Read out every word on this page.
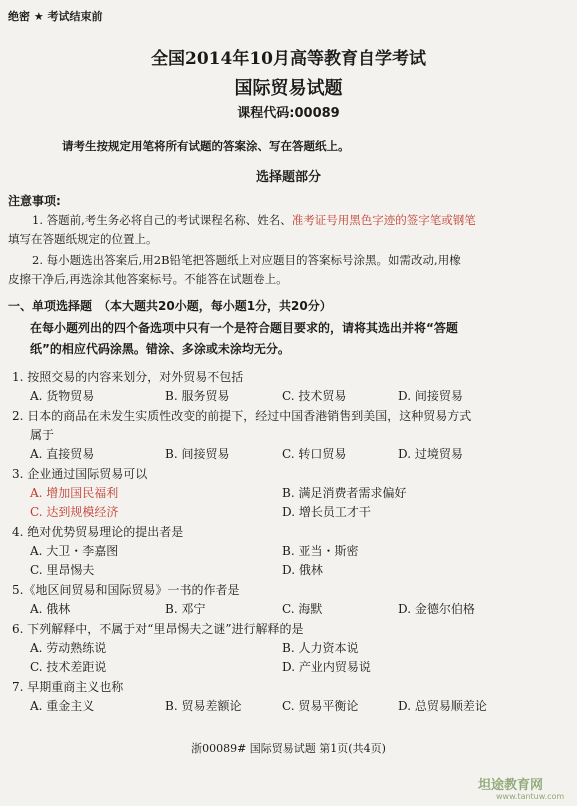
绝密 ★ 考试结束前
全国2014年10月高等教育自学考试
国际贸易试题
课程代码:00089
请考生按规定用笔将所有试题的答案涂、写在答题纸上。
选择题部分
注意事项:
1. 答题前,考生务必将自己的考试课程名称、姓名、准考证号用黑色字迹的签字笔或钢笔
填写在答题纸规定的位置上。
2. 每小题选出答案后,用2B铅笔把答题纸上对应题目的答案标号涂黑。如需改动,用橡
皮擦干净后,再选涂其他答案标号。不能答在试题卷上。
一、单项选择题　（本大题共20小题，每小题1分，共20分）
在每小题列出的四个备选项中只有一个是符合题目要求的，请将其选出并将“答题
纸”的相应代码涂黑。错涂、多涂或未涂均无分。
1. 按照交易的内容来划分，对外贸易不包括
A. 货物贸易	B. 服务贸易	C. 技术贸易	D. 间接贸易
2. 日本的商品在未发生实质性改变的前提下，经过中国香港销售到美国，这种贸易方式
属于
A. 直接贸易	B. 间接贸易	C. 转口贸易	D. 过境贸易
3. 企业通过国际贸易可以
A. 增加国民福利	B. 满足消费者需求偏好
C. 达到规模经济	D. 增长员工才干
4. 绝对优势贸易理论的提出者是
A. 大卫・李嘉图	B. 亚当・斯密
C. 里昂惕夫	D. 俄林
5.《地区间贸易和国际贸易》一书的作者是
A. 俄林	B. 邓宁	C. 海默	D. 金德尔伯格
6. 下列解释中，不属于对“里昂惕夫之谜”进行解释的是
A. 劳动熟练说	B. 人力资本说
C. 技术差距说	D. 产业内贸易说
7. 早期重商主义也称
浙00089# 国际贸易试题 第1页(共4页)
A. 重金主义	B. 贸易差额论	C. 贸易平衡论	D. 总贸易顺差论
坦途教育网
www.tantuw.com
